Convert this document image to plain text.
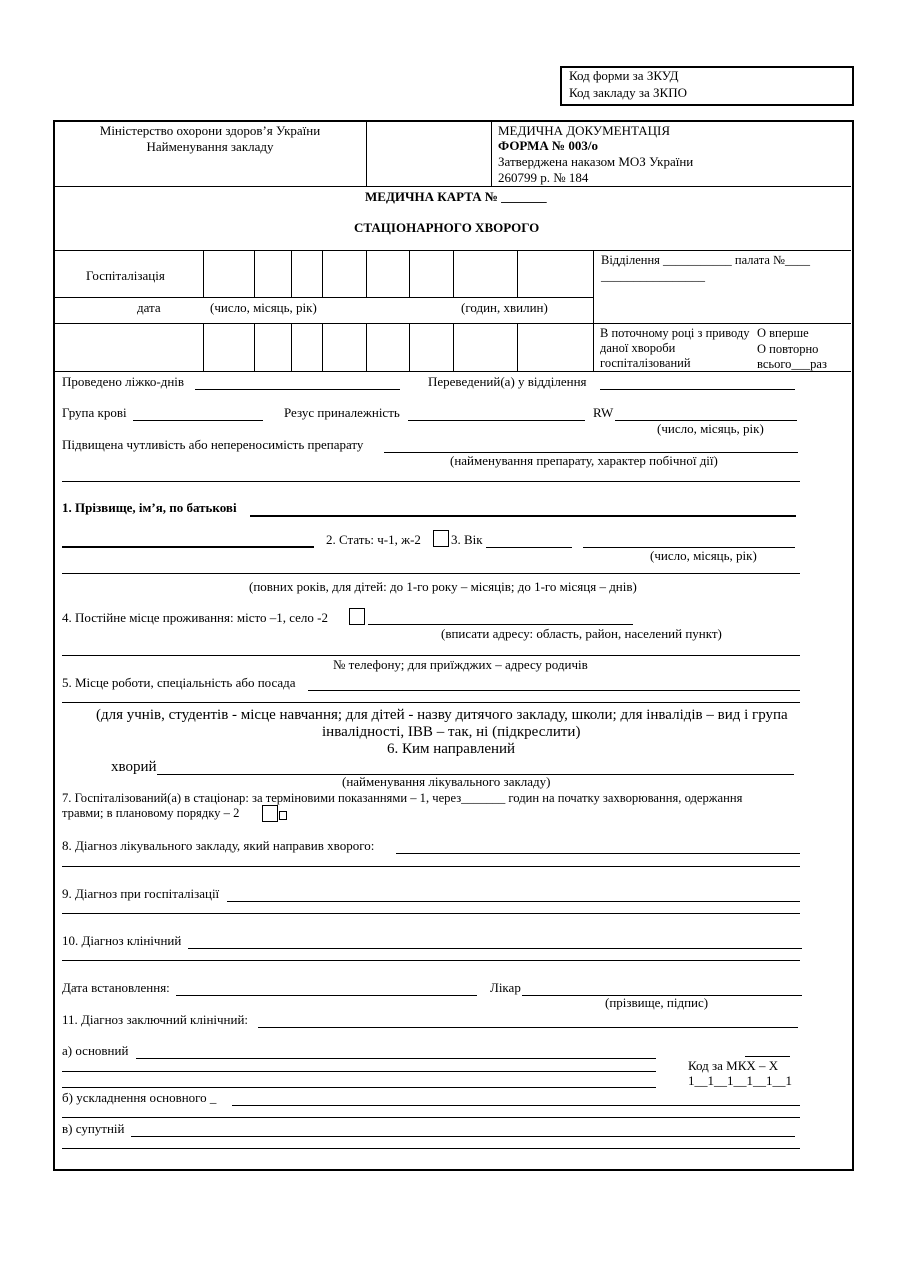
Код форми за ЗКУД
Код закладу за ЗКПО
Міністерство охорони здоров’я України
Найменування закладу
МЕДИЧНА ДОКУМЕНТАЦІЯ
ФОРМА № 003/о
Затверджена наказом МОЗ України
260799 р. № 184
МЕДИЧНА КАРТА № _______
СТАЦІОНАРНОГО ХВОРОГО
Госпіталізація
дата	(число, місяць, рік)	(годин, хвилин)
Відділення ___________ палата №____
________________
В поточному році з приводу даної хвороби госпіталізований
О вперше
О повторно
всього___раз
Проведено ліжко-днів	Переведений(а) у відділення
Група крові	Резус приналежність	RW
(число, місяць, рік)
Підвищена чутливість або непереносимість препарату
(найменування препарату, характер побічної дії)
1. Прізвище, ім’я, по батькові
2. Стать: ч-1, ж-2 3. Вік
(число, місяць, рік)
(повних років, для дітей: до 1-го року – місяців; до 1-го місяця – днів)
4. Постійне місце проживання: місто –1, село -2
(вписати адресу: область, район, населений пункт)
№ телефону; для приїжджих – адресу родичів
5. Місце роботи, спеціальність або посада
(для учнів, студентів - місце навчання; для дітей - назву дитячого закладу, школи; для інвалідів – вид і група
інвалідності, ІВВ – так, ні (підкреслити)
6. Ким направлений
хворий
(найменування лікувального закладу)
7. Госпіталізований(а) в стаціонар: за терміновими показаннями – 1, через_______ годин на початку захворювання, одержання
травми; в плановому порядку – 2
8. Діагноз лікувального закладу, який направив хворого:
9. Діагноз при госпіталізації
10. Діагноз клінічний
Дата встановлення:	Лікар
(прізвище, підпис)
11. Діагноз заключний клінічний:
а) основний
Код за МКХ – Х
1__1__1__1__1__1
б) ускладнення основного _
в) супутній
